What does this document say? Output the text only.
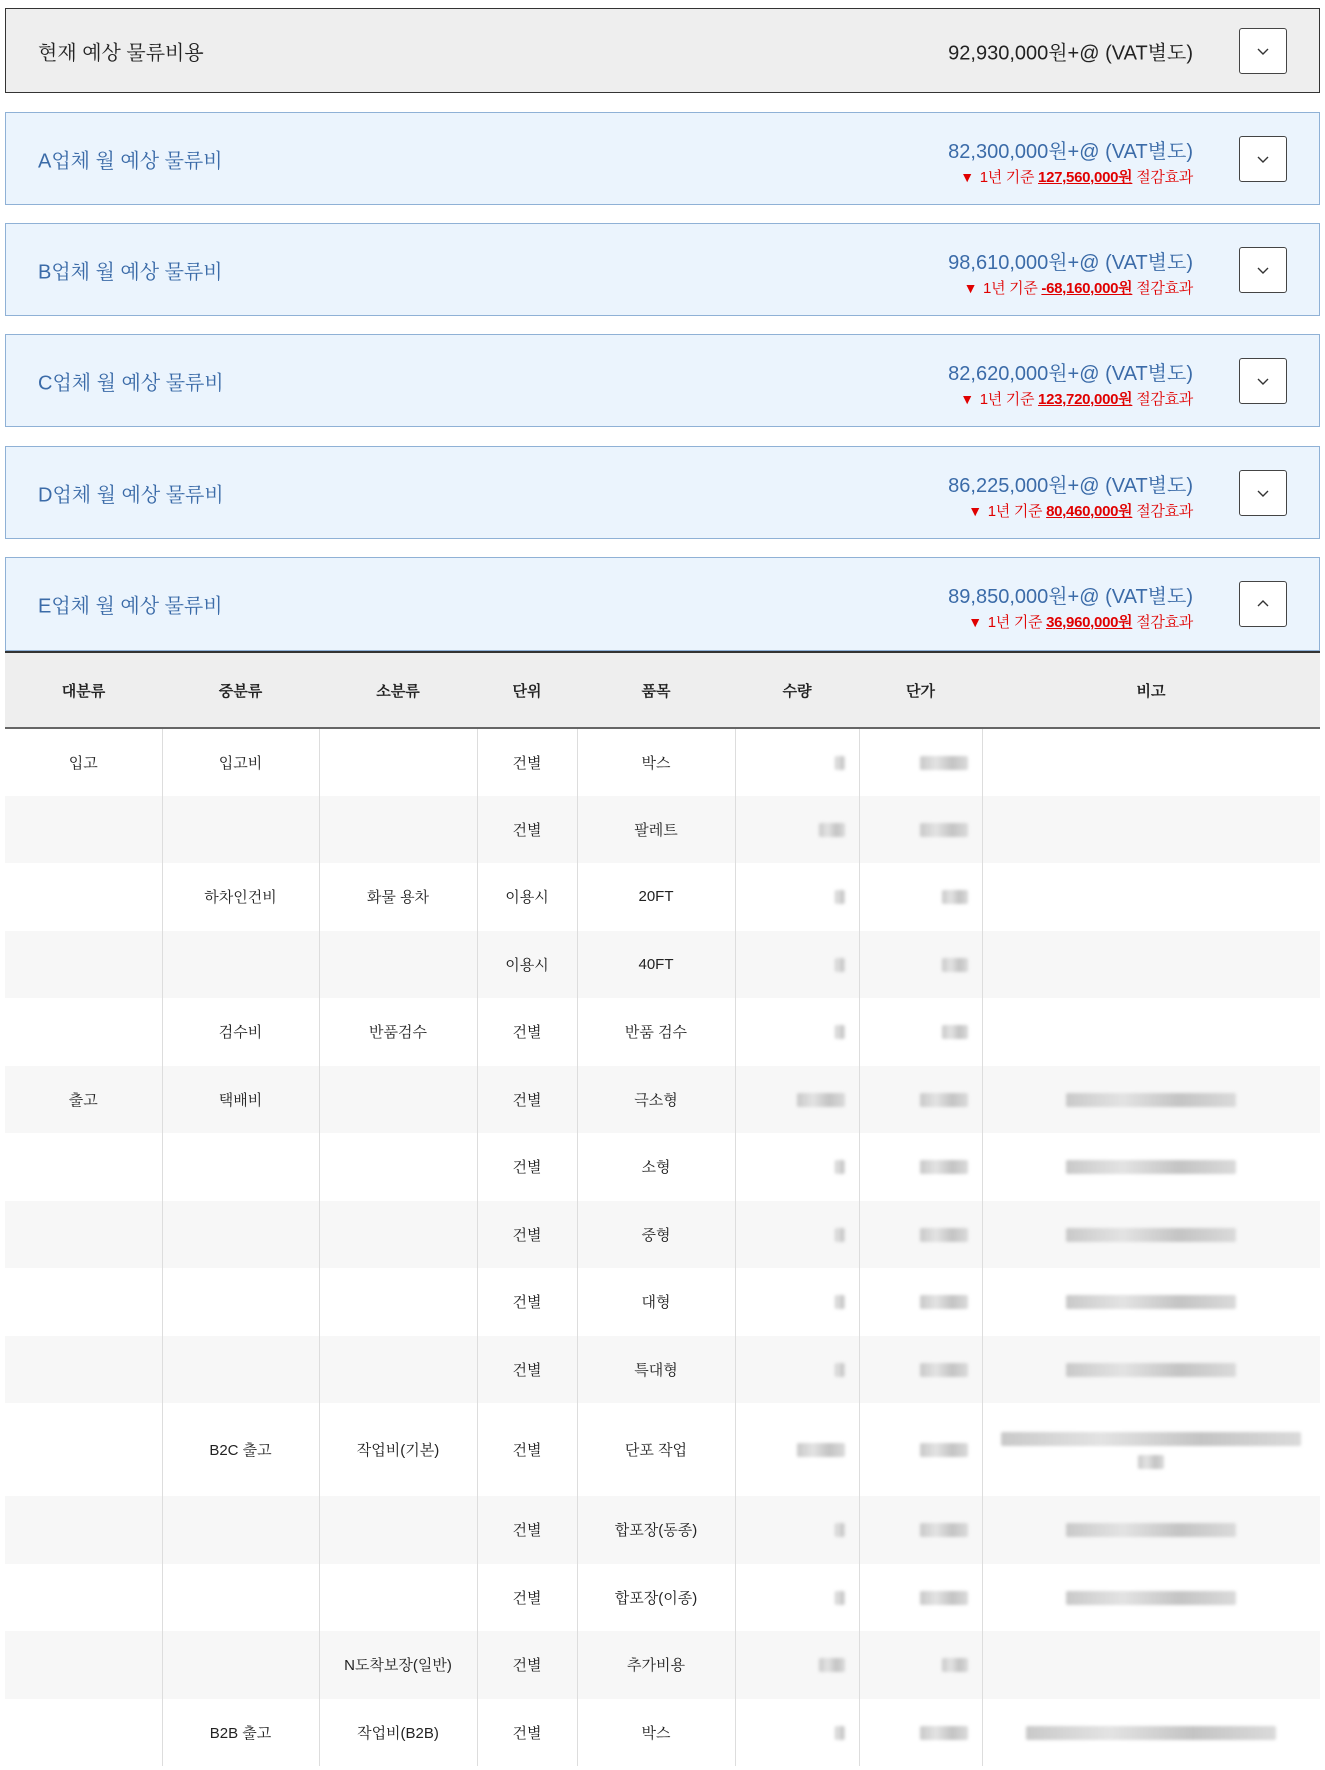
현재 예상 물류비용	92,930,000원+@ (VAT별도)
A업체 월 예상 물류비	82,300,000원+@ (VAT별도)
▼ 1년 기준 127,560,000원 절감효과
B업체 월 예상 물류비	98,610,000원+@ (VAT별도)
▼ 1년 기준 -68,160,000원 절감효과
C업체 월 예상 물류비	82,620,000원+@ (VAT별도)
▼ 1년 기준 123,720,000원 절감효과
D업체 월 예상 물류비	86,225,000원+@ (VAT별도)
▼ 1년 기준 80,460,000원 절감효과
E업체 월 예상 물류비	89,850,000원+@ (VAT별도)
▼ 1년 기준 36,960,000원 절감효과
대분류	중분류	소분류	단위	품목	수량	단가	비고
입고	입고비		건별	박스			
			건별	팔레트			
	하차인건비	화물 용차	이용시	20FT			
			이용시	40FT			
	검수비	반품검수	건별	반품 검수			
출고	택배비		건별	극소형			
			건별	소형			
			건별	중형			
			건별	대형			
			건별	특대형			
	B2C 출고	작업비(기본)	건별	단포 작업			

			건별	합포장(동종)			
			건별	합포장(이종)			
		N도착보장(일반)	건별	추가비용			
	B2B 출고	작업비(B2B)	건별	박스			
